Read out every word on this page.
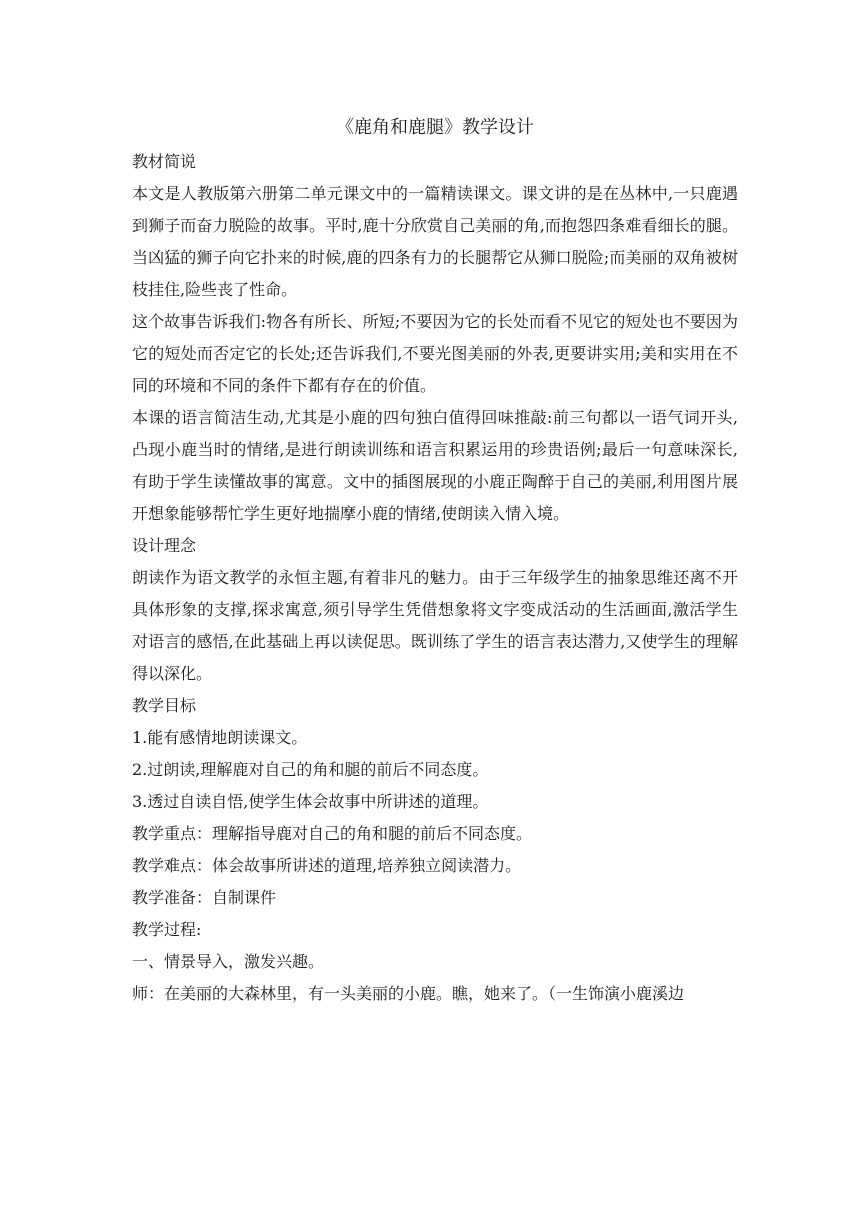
《鹿角和鹿腿》教学设计

教材简说

本文是人教版第六册第二单元课文中的一篇精读课文。课文讲的是在丛林中,一只鹿遇到狮子而奋力脱险的故事。平时,鹿十分欣赏自己美丽的角,而抱怨四条难看细长的腿。当凶猛的狮子向它扑来的时候,鹿的四条有力的长腿帮它从狮口脱险;而美丽的双角被树枝挂住,险些丧了性命。

这个故事告诉我们:物各有所长、所短;不要因为它的长处而看不见它的短处也不要因为它的短处而否定它的长处;还告诉我们,不要光图美丽的外表,更要讲实用;美和实用在不同的环境和不同的条件下都有存在的价值。

本课的语言简洁生动,尤其是小鹿的四句独白值得回味推敲:前三句都以一语气词开头,凸现小鹿当时的情绪,是进行朗读训练和语言积累运用的珍贵语例;最后一句意味深长,有助于学生读懂故事的寓意。文中的插图展现的小鹿正陶醉于自己的美丽,利用图片展开想象能够帮忙学生更好地揣摩小鹿的情绪,使朗读入情入境。

设计理念

朗读作为语文教学的永恒主题,有着非凡的魅力。由于三年级学生的抽象思维还离不开具体形象的支撑,探求寓意,须引导学生凭借想象将文字变成活动的生活画面,激活学生对语言的感悟,在此基础上再以读促思。既训练了学生的语言表达潜力,又使学生的理解得以深化。

教学目标

1.能有感情地朗读课文。

2.过朗读,理解鹿对自己的角和腿的前后不同态度。

3.透过自读自悟,使学生体会故事中所讲述的道理。

教学重点：理解指导鹿对自己的角和腿的前后不同态度。

教学难点：体会故事所讲述的道理,培养独立阅读潜力。

教学准备：自制课件

教学过程:

一、情景导入，激发兴趣。

师：在美丽的大森林里，有一头美丽的小鹿。瞧，她来了。（一生饰演小鹿溪边
